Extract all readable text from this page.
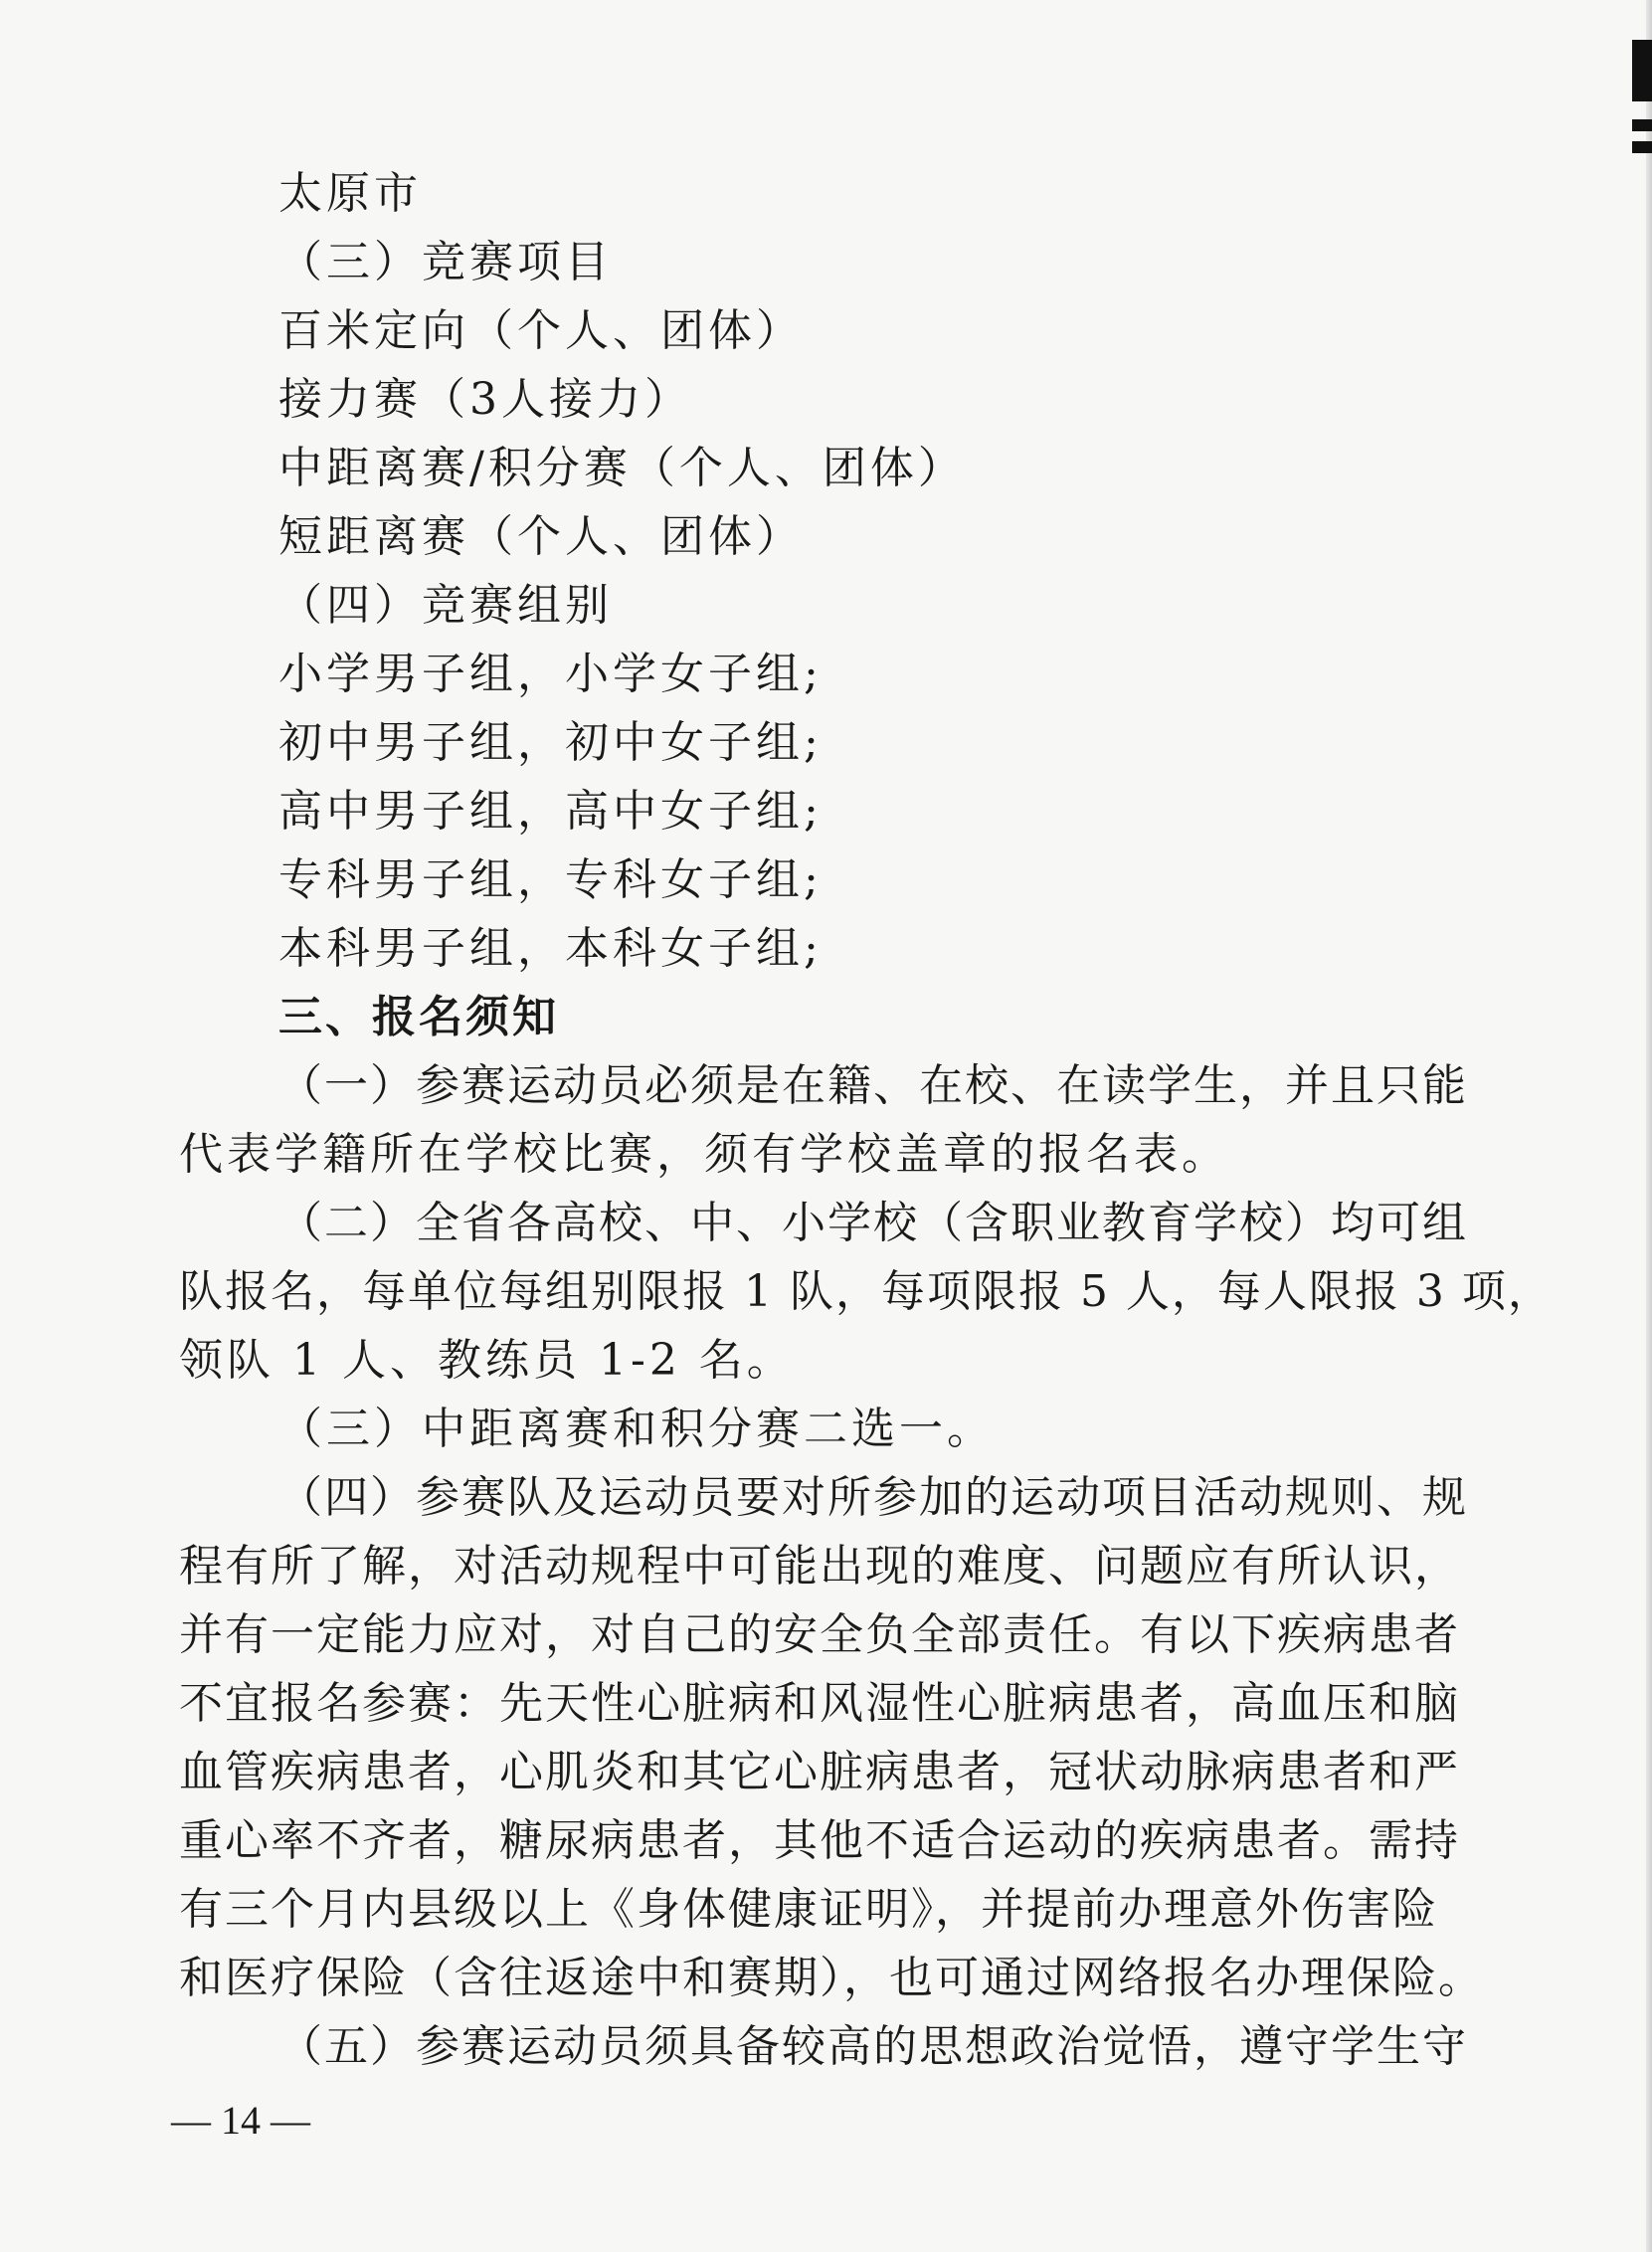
太原市
（三）竞赛项目
百米定向（个人、团体）
接力赛（3人接力）
中距离赛/积分赛（个人、团体）
短距离赛（个人、团体）
（四）竞赛组别
小学男子组，小学女子组;
初中男子组，初中女子组;
高中男子组，高中女子组;
专科男子组，专科女子组;
本科男子组，本科女子组;
三、报名须知
（一）参赛运动员必须是在籍、在校、在读学生，并且只能
代表学籍所在学校比赛，须有学校盖章的报名表。
（二）全省各高校、中、小学校（含职业教育学校）均可组
队报名，每单位每组别限报 1 队，每项限报 5 人，每人限报 3 项，
领队 1 人、教练员 1-2 名。
（三）中距离赛和积分赛二选一。
（四）参赛队及运动员要对所参加的运动项目活动规则、规
程有所了解，对活动规程中可能出现的难度、问题应有所认识，
并有一定能力应对，对自己的安全负全部责任。有以下疾病患者
不宜报名参赛：先天性心脏病和风湿性心脏病患者，高血压和脑
血管疾病患者，心肌炎和其它心脏病患者，冠状动脉病患者和严
重心率不齐者，糖尿病患者，其他不适合运动的疾病患者。需持
有三个月内县级以上《身体健康证明》，并提前办理意外伤害险
和医疗保险（含往返途中和赛期），也可通过网络报名办理保险。
（五）参赛运动员须具备较高的思想政治觉悟，遵守学生守
— 14 —
